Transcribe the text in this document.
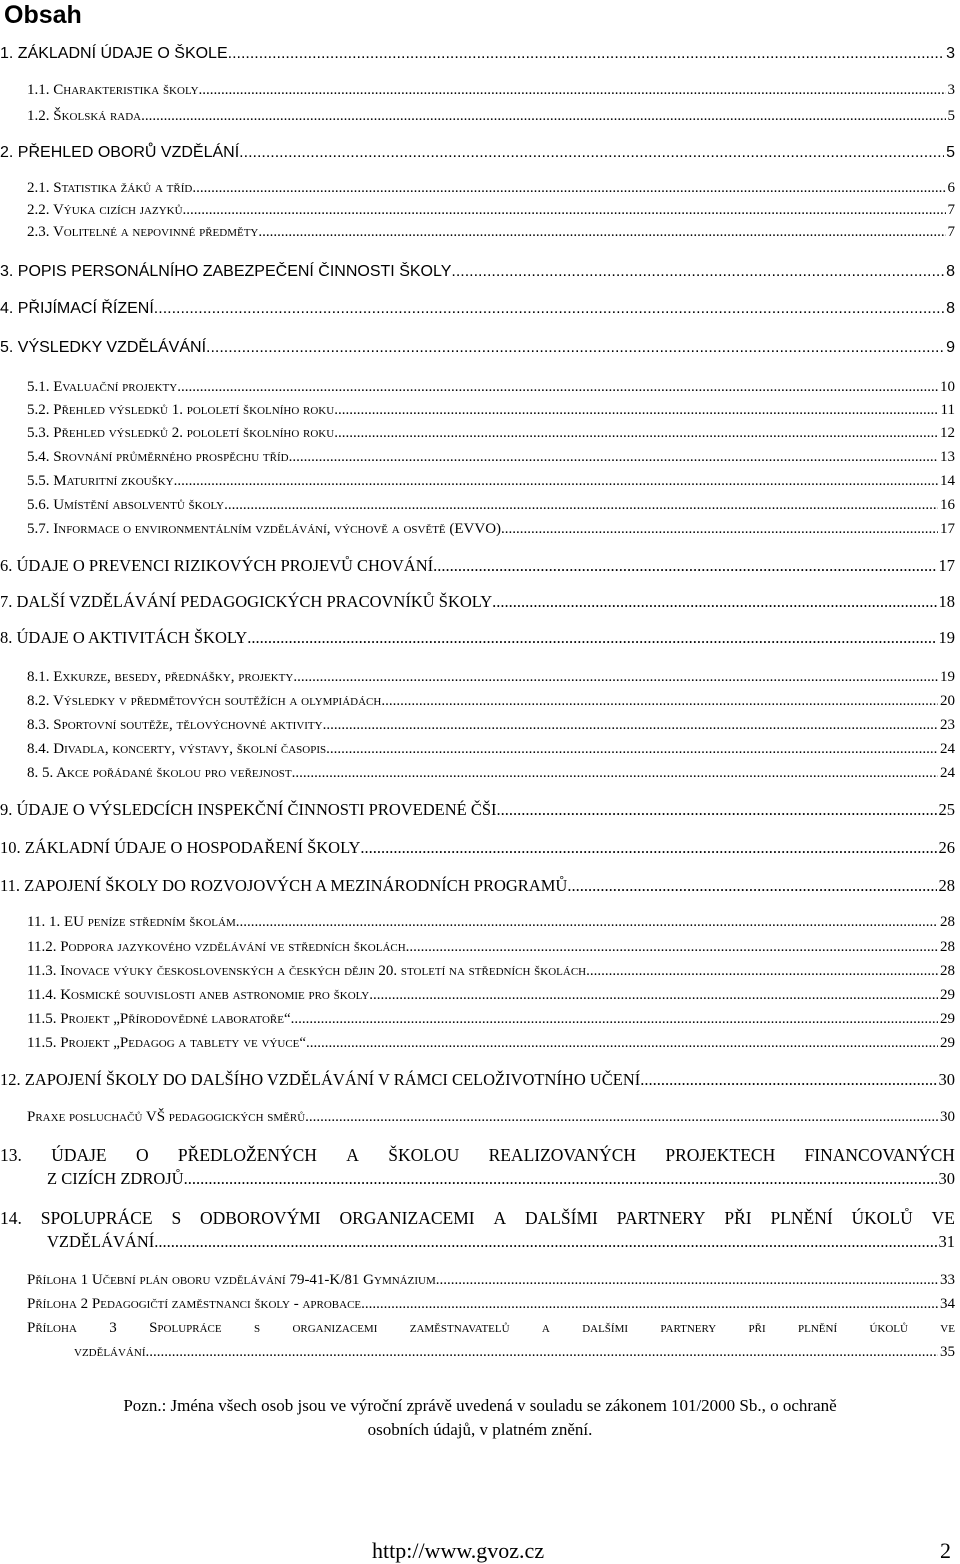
Obsah
1. ZÁKLADNÍ ÚDAJE O ŠKOLE .....	3
1.1. Charakteristika školy .....	3
1.2. Školská rada .....	5
2. PŘEHLED OBORŮ VZDĚLÁNÍ .....	5
2.1. Statistika žáků a tříd .....	6
2.2. Výuka cizích jazyků .....	7
2.3. Volitelné a nepovinné předměty .....	7
3. POPIS PERSONÁLNÍHO ZABEZPEČENÍ ČINNOSTI ŠKOLY .....	8
4. PŘIJÍMACÍ ŘÍZENÍ .....	8
5. VÝSLEDKY VZDĚLÁVÁNÍ .....	9
5.1. Evaluační projekty .....	10
5.2. Přehled výsledků 1. pololetí školního roku .....	11
5.3. Přehled výsledků 2. pololetí školního roku .....	12
5.4. Srovnání průměrného prospěchu tříd .....	13
5.5. Maturitní zkoušky .....	14
5.6. Umístění absolventů školy .....	16
5.7. Informace o environmentálním vzdělávání, výchově a osvětě (EVVO) .....	17
6. ÚDAJE O PREVENCI RIZIKOVÝCH PROJEVŮ CHOVÁNÍ .....	17
7. DALŠÍ VZDĚLÁVÁNÍ PEDAGOGICKÝCH PRACOVNÍKŮ ŠKOLY .....	18
8. ÚDAJE O AKTIVITÁCH ŠKOLY .....	19
8.1. Exkurze, besedy, přednášky, projekty .....	19
8.2. Výsledky v předmětových soutěžích a olympiádách .....	20
8.3. Sportovní soutěže, tělovýchovné aktivity .....	23
8.4. Divadla, koncerty, výstavy, školní časopis .....	24
8. 5. Akce pořádané školou pro veřejnost .....	24
9. ÚDAJE O VÝSLEDCÍCH INSPEKČNÍ ČINNOSTI PROVEDENÉ ČŠI .....	25
10. ZÁKLADNÍ ÚDAJE O HOSPODAŘENÍ ŠKOLY .....	26
11. ZAPOJENÍ ŠKOLY DO ROZVOJOVÝCH A MEZINÁRODNÍCH PROGRAMŮ .....	28
11. 1. EU peníze středním školám .....	28
11.2. Podpora jazykového vzdělávání ve středních školách .....	28
11.3. Inovace výuky československých a českých dějin 20. století na středních školách .....	28
11.4. Kosmické souvislosti aneb astronomie pro školy .....	29
11.5. Projekt „Přírodovědné laboratoře“ .....	29
11.5. Projekt „Pedagog a tablety ve výuce“ .....	29
12. ZAPOJENÍ ŠKOLY DO DALŠÍHO VZDĚLÁVÁNÍ V RÁMCI CELOŽIVOTNÍHO UČENÍ .....	30
Praxe posluchačů VŠ pedagogických směrů .....	30
13. ÚDAJE O PŘEDLOŽENÝCH A ŠKOLOU REALIZOVANÝCH PROJEKTECH FINANCOVANÝCH
Z CIZÍCH ZDROJŮ .....	30
14. SPOLUPRÁCE S ODBOROVÝMI ORGANIZACEMI A DALŠÍMI PARTNERY PŘI PLNĚNÍ ÚKOLŮ VE
VZDĚLÁVÁNÍ .....	31
Příloha 1 Učební plán oboru vzdělávání 79-41-K/81 Gymnázium .....	33
Příloha 2 Pedagogičtí zaměstnanci školy - aprobace .....	34
Příloha 3 Spolupráce s organizacemi zaměstnavatelů a dalšími partnery při plnění úkolů ve
vzdělávání .....	35
Pozn.: Jména všech osob jsou ve výroční zprávě uvedená v souladu se zákonem 101/2000 Sb., o ochraně
osobních údajů, v platném znění.
http://www.gvoz.cz	2
